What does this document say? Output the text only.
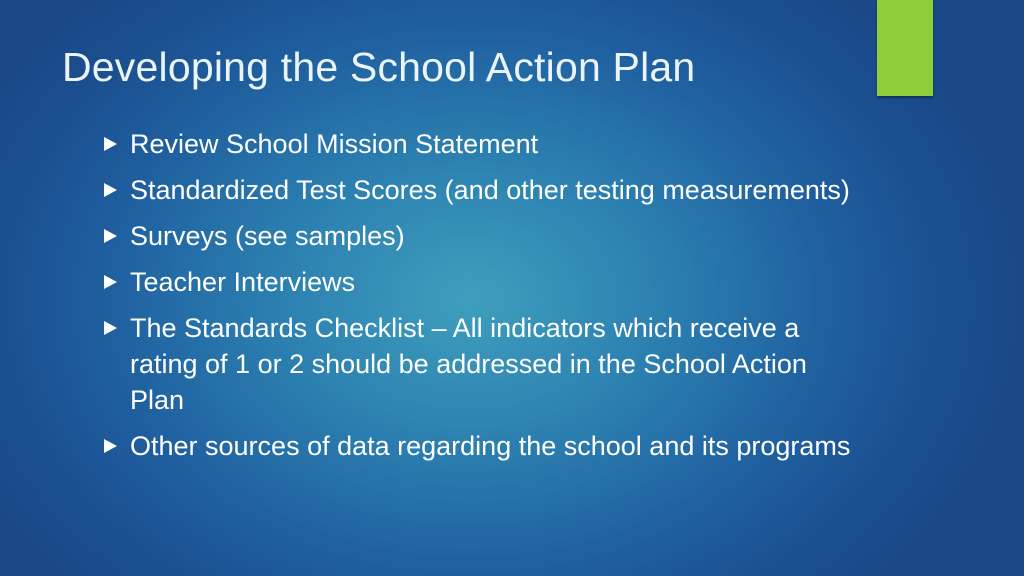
Developing the School Action Plan
Review School Mission Statement
Standardized Test Scores (and other testing measurements)
Surveys (see samples)
Teacher Interviews
The Standards Checklist – All indicators which receive a rating of 1 or 2 should be addressed in the School Action Plan
Other sources of data regarding the school and its programs
